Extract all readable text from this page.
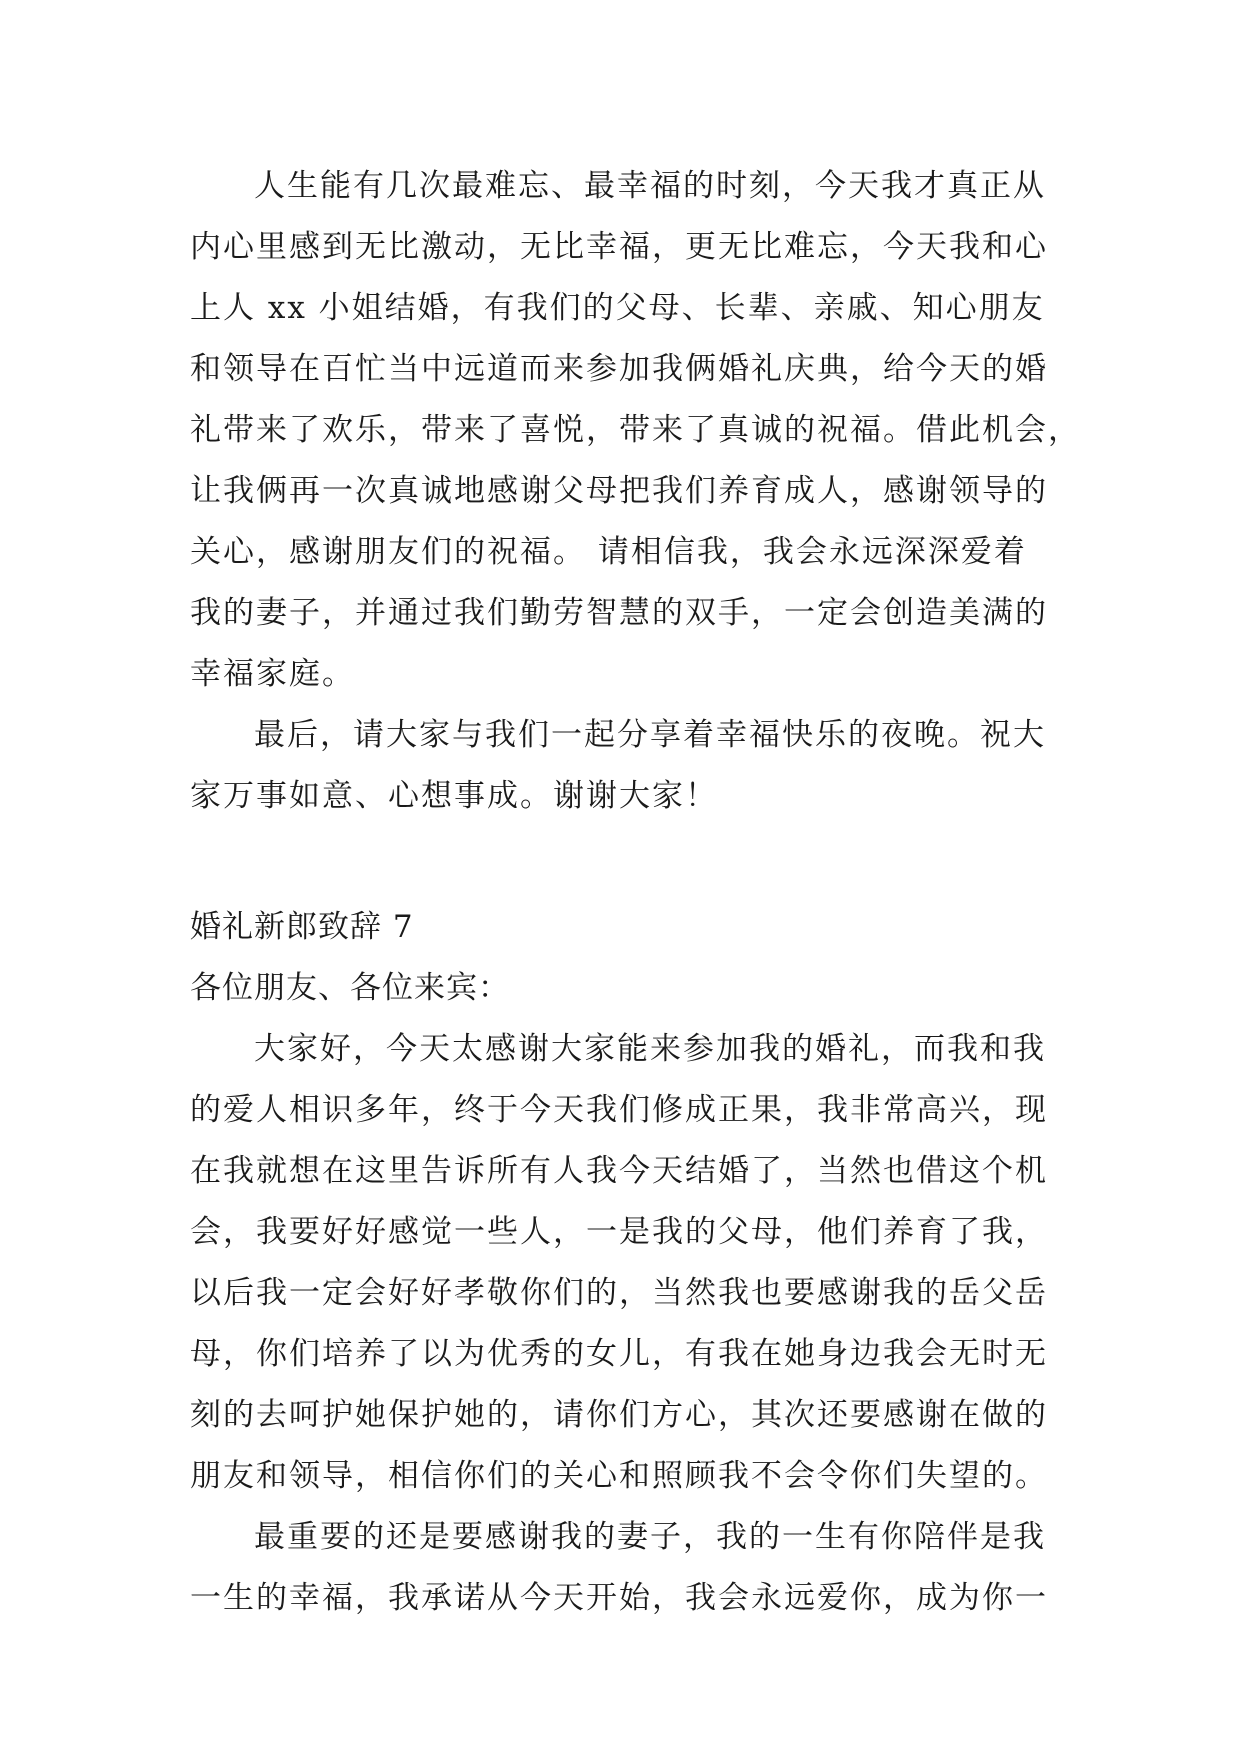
人生能有几次最难忘、最幸福的时刻，今天我才真正从
内心里感到无比激动，无比幸福，更无比难忘，今天我和心
上人 xx 小姐结婚，有我们的父母、长辈、亲戚、知心朋友
和领导在百忙当中远道而来参加我俩婚礼庆典，给今天的婚
礼带来了欢乐，带来了喜悦，带来了真诚的祝福。借此机会，
让我俩再一次真诚地感谢父母把我们养育成人，感谢领导的
关心，感谢朋友们的祝福。 请相信我，我会永远深深爱着
我的妻子，并通过我们勤劳智慧的双手，一定会创造美满的
幸福家庭。
最后，请大家与我们一起分享着幸福快乐的夜晚。祝大
家万事如意、心想事成。谢谢大家！
婚礼新郎致辞 7
各位朋友、各位来宾：
大家好，今天太感谢大家能来参加我的婚礼，而我和我
的爱人相识多年，终于今天我们修成正果，我非常高兴，现
在我就想在这里告诉所有人我今天结婚了，当然也借这个机
会，我要好好感觉一些人，一是我的父母，他们养育了我，
以后我一定会好好孝敬你们的，当然我也要感谢我的岳父岳
母，你们培养了以为优秀的女儿，有我在她身边我会无时无
刻的去呵护她保护她的，请你们方心，其次还要感谢在做的
朋友和领导，相信你们的关心和照顾我不会令你们失望的。
最重要的还是要感谢我的妻子，我的一生有你陪伴是我
一生的幸福，我承诺从今天开始，我会永远爱你，成为你一
